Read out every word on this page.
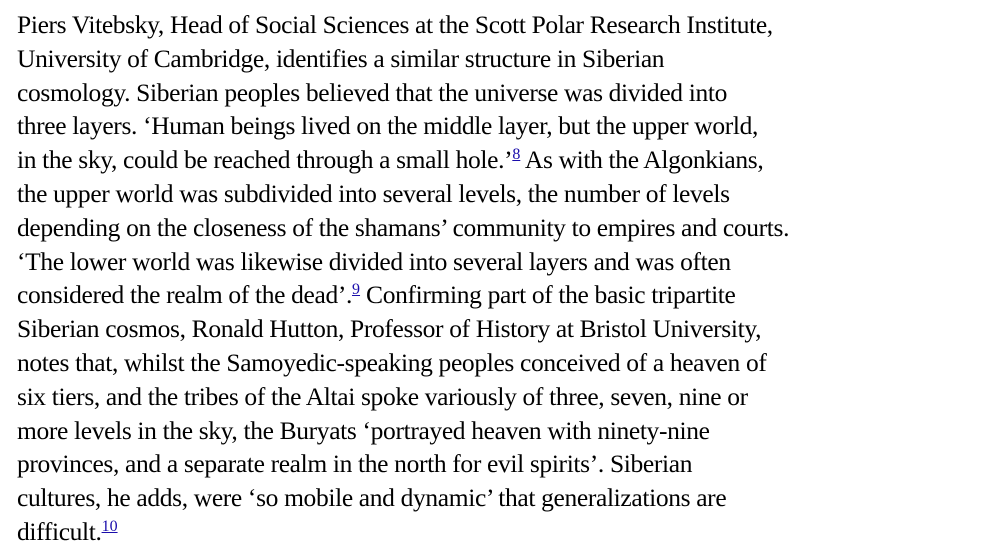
Piers Vitebsky, Head of Social Sciences at the Scott Polar Research Institute,
University of Cambridge, identifies a similar structure in Siberian
cosmology. Siberian peoples believed that the universe was divided into
three layers. ‘Human beings lived on the middle layer, but the upper world,
in the sky, could be reached through a small hole.’$^8$ As with the Algonkians,
the upper world was subdivided into several levels, the number of levels
depending on the closeness of the shamans’ community to empires and courts.
‘The lower world was likewise divided into several layers and was often
considered the realm of the dead’.$^9$ Confirming part of the basic tripartite
Siberian cosmos, Ronald Hutton, Professor of History at Bristol University,
notes that, whilst the Samoyedic-speaking peoples conceived of a heaven of
six tiers, and the tribes of the Altai spoke variously of three, seven, nine or
more levels in the sky, the Buryats ‘portrayed heaven with ninety-nine
provinces, and a separate realm in the north for evil spirits’. Siberian
cultures, he adds, were ‘so mobile and dynamic’ that generalizations are
difficult.$^{10}$
